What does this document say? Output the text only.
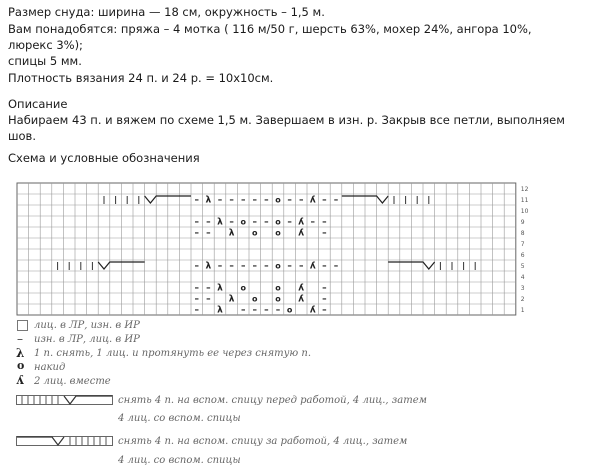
Размер снуда: ширина — 18 см, окружность – 1,5 м.
Вам понадобятся: пряжа – 4 мотка ( 116 м/50 г, шерсть 63%, мохер 24%, ангора 10%,
люрекс 3%);
спицы 5 мм.
Плотность вязания 24 п. и 24 р. = 10х10см.
Описание
Набираем 43 п. и вяжем по схеме 1,5 м. Завершаем в изн. р. Закрыв все петли, выполняем
шов.
Схема и условные обозначения
– λ – – – – – o – – ʎ – –
– – λ – o – – o – ʎ – –
– – λ o o ʎ –
– λ – – – – – o – – ʎ – –
– – λ o	o ʎ –
– – λ o o ʎ –
– λ – – – – o ʎ –
12
11
10
9
8
7
6
5
4
3
2
1
лиц. в ЛР, изн. в ИР
– изн. в ЛР, лиц. в ИР
λ 1 п. снять, 1 лиц. и протянуть ее через снятую п.
o накид
ʎ 2 лиц. вместе
снять 4 п. на вспом. спицу перед работой, 4 лиц., затем
4 лиц. со вспом. спицы
снять 4 п. на вспом. спицу за работой, 4 лиц., затем
4 лиц. со вспом. спицы
